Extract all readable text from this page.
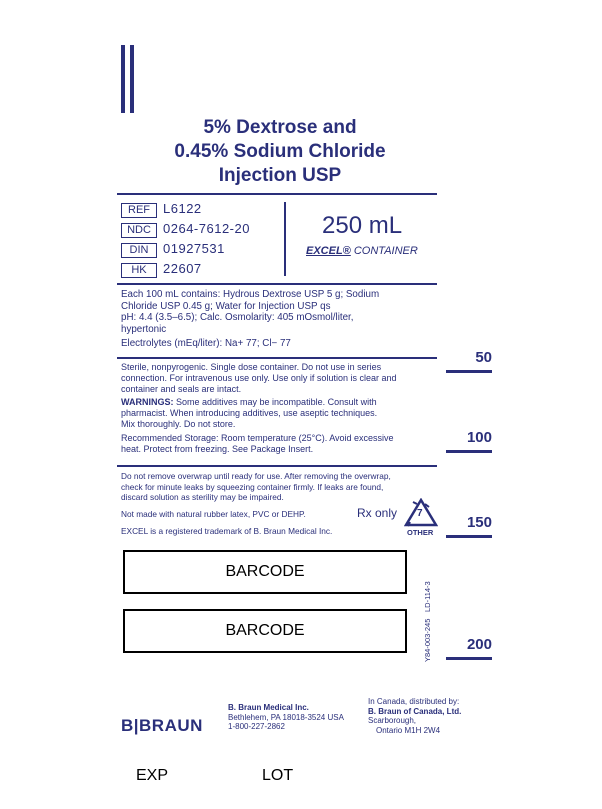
5% Dextrose and
0.45% Sodium Chloride
Injection USP
REF	L6122
NDC 0264-7612-20
DIN	01927531
HK	22607
250 mL
EXCEL® CONTAINER
Each 100 mL contains: Hydrous Dextrose USP 5 g; Sodium
Chloride USP 0.45 g; Water for Injection USP qs
pH: 4.4 (3.5–6.5); Calc. Osmolarity: 405 mOsmol/liter,
hypertonic
Electrolytes (mEq/liter): Na+ 77; Cl− 77
Sterile, nonpyrogenic. Single dose container. Do not use in series
connection. For intravenous use only. Use only if solution is clear and
container and seals are intact.
WARNINGS: Some additives may be incompatible. Consult with
pharmacist. When introducing additives, use aseptic techniques.
Mix thoroughly. Do not store.
Recommended Storage: Room temperature (25°C). Avoid excessive
heat. Protect from freezing. See Package Insert.
Do not remove overwrap until ready for use. After removing the overwrap,
check for minute leaks by squeezing container firmly. If leaks are found,
discard solution as sterility may be impaired.
Not made with natural rubber latex, PVC or DEHP.	Rx only
EXCEL is a registered trademark of B. Braun Medical Inc.
7
OTHER
50
100
150
200
BARCODE
BARCODE
LD-114-3
Y84-003-245
B|BRAUN
B. Braun Medical Inc.
Bethlehem, PA 18018-3524 USA
1-800-227-2862
In Canada, distributed by:
B. Braun of Canada, Ltd.
Scarborough,
Ontario M1H 2W4
EXP	LOT
